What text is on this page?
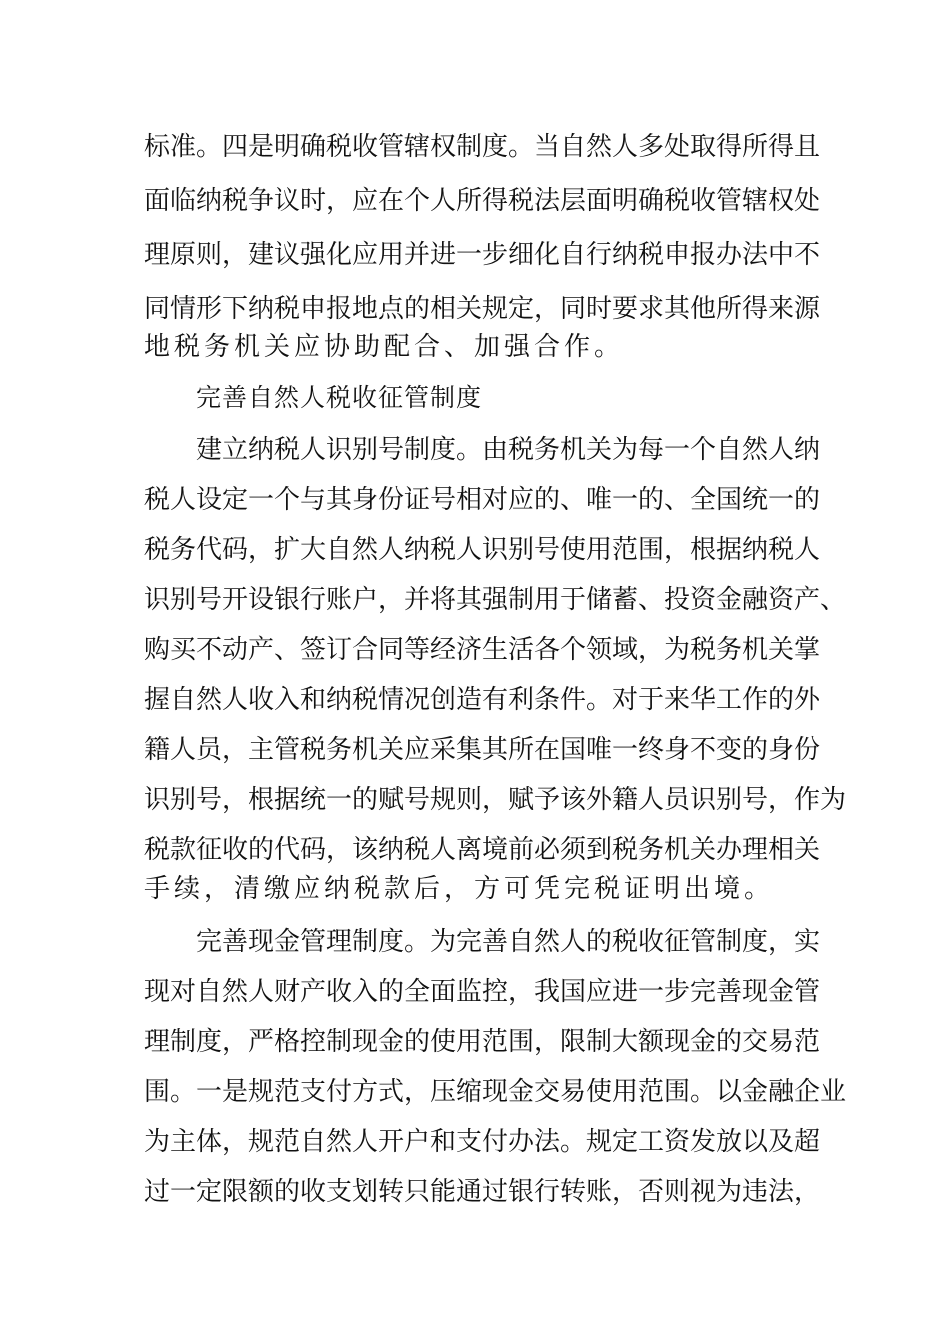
标准。四是明确税收管辖权制度。当自然人多处取得所得且
面临纳税争议时，应在个人所得税法层面明确税收管辖权处
理原则，建议强化应用并进一步细化自行纳税申报办法中不
同情形下纳税申报地点的相关规定，同时要求其他所得来源
地税务机关应协助配合、加强合作。
完善自然人税收征管制度
建立纳税人识别号制度。由税务机关为每一个自然人纳
税人设定一个与其身份证号相对应的、唯一的、全国统一的
税务代码，扩大自然人纳税人识别号使用范围，根据纳税人
识别号开设银行账户，并将其强制用于储蓄、投资金融资产、
购买不动产、签订合同等经济生活各个领域，为税务机关掌
握自然人收入和纳税情况创造有利条件。对于来华工作的外
籍人员，主管税务机关应采集其所在国唯一终身不变的身份
识别号，根据统一的赋号规则，赋予该外籍人员识别号，作为
税款征收的代码，该纳税人离境前必须到税务机关办理相关
手续，清缴应纳税款后，方可凭完税证明出境。
完善现金管理制度。为完善自然人的税收征管制度，实
现对自然人财产收入的全面监控，我国应进一步完善现金管
理制度，严格控制现金的使用范围，限制大额现金的交易范
围。一是规范支付方式，压缩现金交易使用范围。以金融企业
为主体，规范自然人开户和支付办法。规定工资发放以及超
过一定限额的收支划转只能通过银行转账，否则视为违法，
